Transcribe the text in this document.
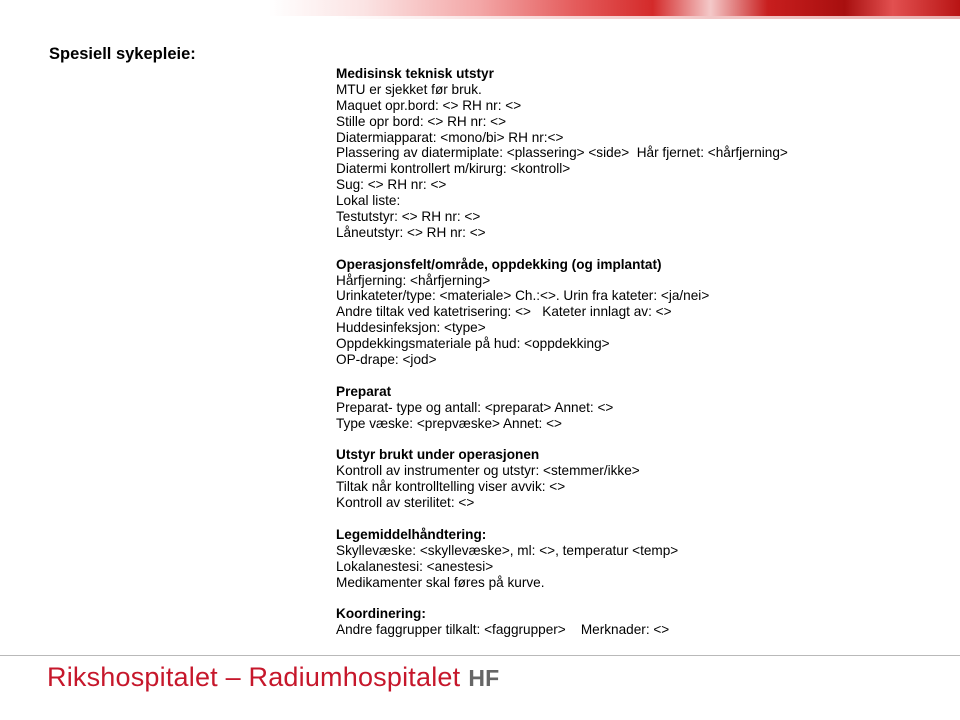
Spesiell sykepleie:
Medisinsk teknisk utstyr
MTU er sjekket før bruk.
Maquet opr.bord: <> RH nr: <>
Stille opr bord: <> RH nr: <>
Diatermiapparat: <mono/bi> RH nr:<>
Plassering av diatermiplate: <plassering> <side>  Hår fjernet: <hårfjerning>
Diatermi kontrollert m/kirurg: <kontroll>
Sug: <> RH nr: <>
Lokal liste:
Testutstyr: <> RH nr: <>
Låneutstyr: <> RH nr: <>
Operasjonsfelt/område, oppdekking (og implantat)
Hårfjerning: <hårfjerning>
Urinkateter/type: <materiale> Ch.:<>. Urin fra kateter: <ja/nei>
Andre tiltak ved katetrisering: <>   Kateter innlagt av: <>
Huddesinfeksjon: <type>
Oppdekkingsmateriale på hud: <oppdekking>
OP-drape: <jod>
Preparat
Preparat- type og antall: <preparat> Annet: <>
Type væske: <prepvæske> Annet: <>
Utstyr brukt under operasjonen
Kontroll av instrumenter og utstyr: <stemmer/ikke>
Tiltak når kontrolltelling viser avvik: <>
Kontroll av sterilitet: <>
Legemiddelhåndtering:
Skyllevæske: <skyllevæske>, ml: <>, temperatur <temp>
Lokalanestesi: <anestesi>
Medikamenter skal føres på kurve.
Koordinering:
Andre faggrupper tilkalt: <faggrupper>    Merknader: <>
Rikshospitalet – Radiumhospitalet HF
